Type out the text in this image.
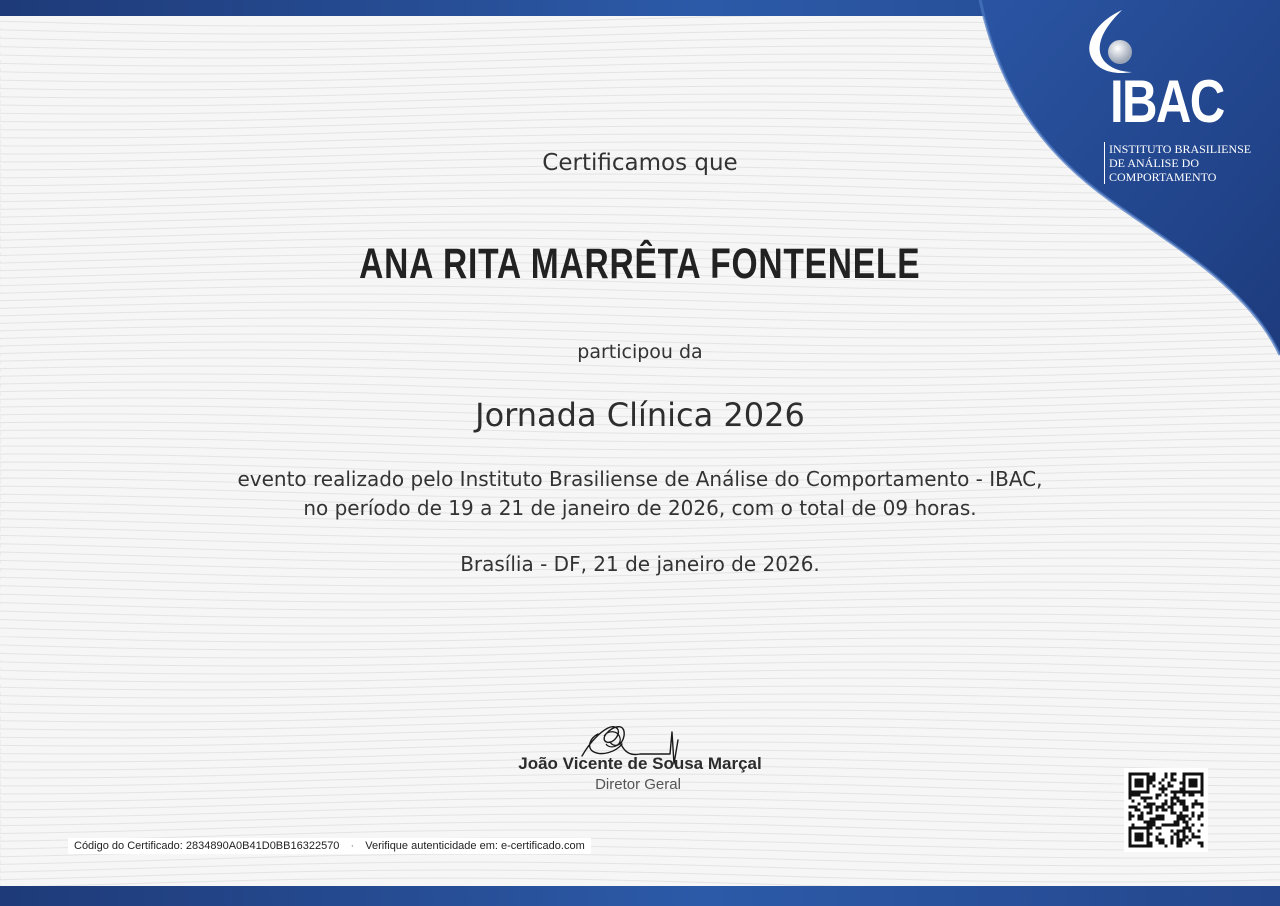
IBAC
INSTITUTO BRASILIENSE
DE ANÁLISE DO
COMPORTAMENTO
Certificamos que
ANA RITA MARRÊTA FONTENELE
participou da
Jornada Clínica 2026
evento realizado pelo Instituto Brasiliense de Análise do Comportamento - IBAC,
no período de 19 a 21 de janeiro de 2026, com o total de 09 horas.
Brasília - DF, 21 de janeiro de 2026.
João Vicente de Sousa Marçal
Diretor Geral
Código do Certificado: 2834890A0B41D0BB16322570 · Verifique autenticidade em: e-certificado.com
